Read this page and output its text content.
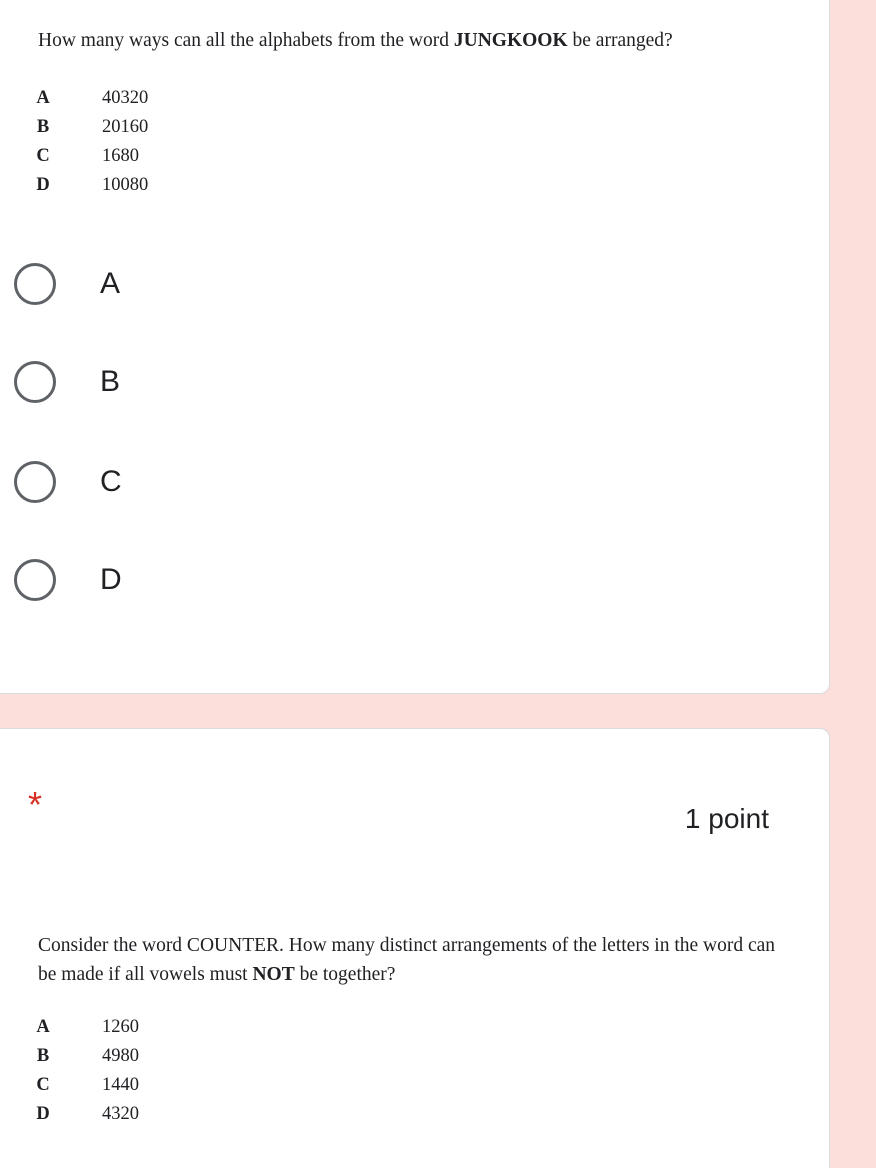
How many ways can all the alphabets from the word JUNGKOOK be arranged?

A	40320
B	20160
C	1680
D	10080
A
B
C
D
*	1 point

Consider the word COUNTER. How many distinct arrangements of the letters in the word can be made if all vowels must NOT be together?

A	1260
B	4980
C	1440
D	4320
